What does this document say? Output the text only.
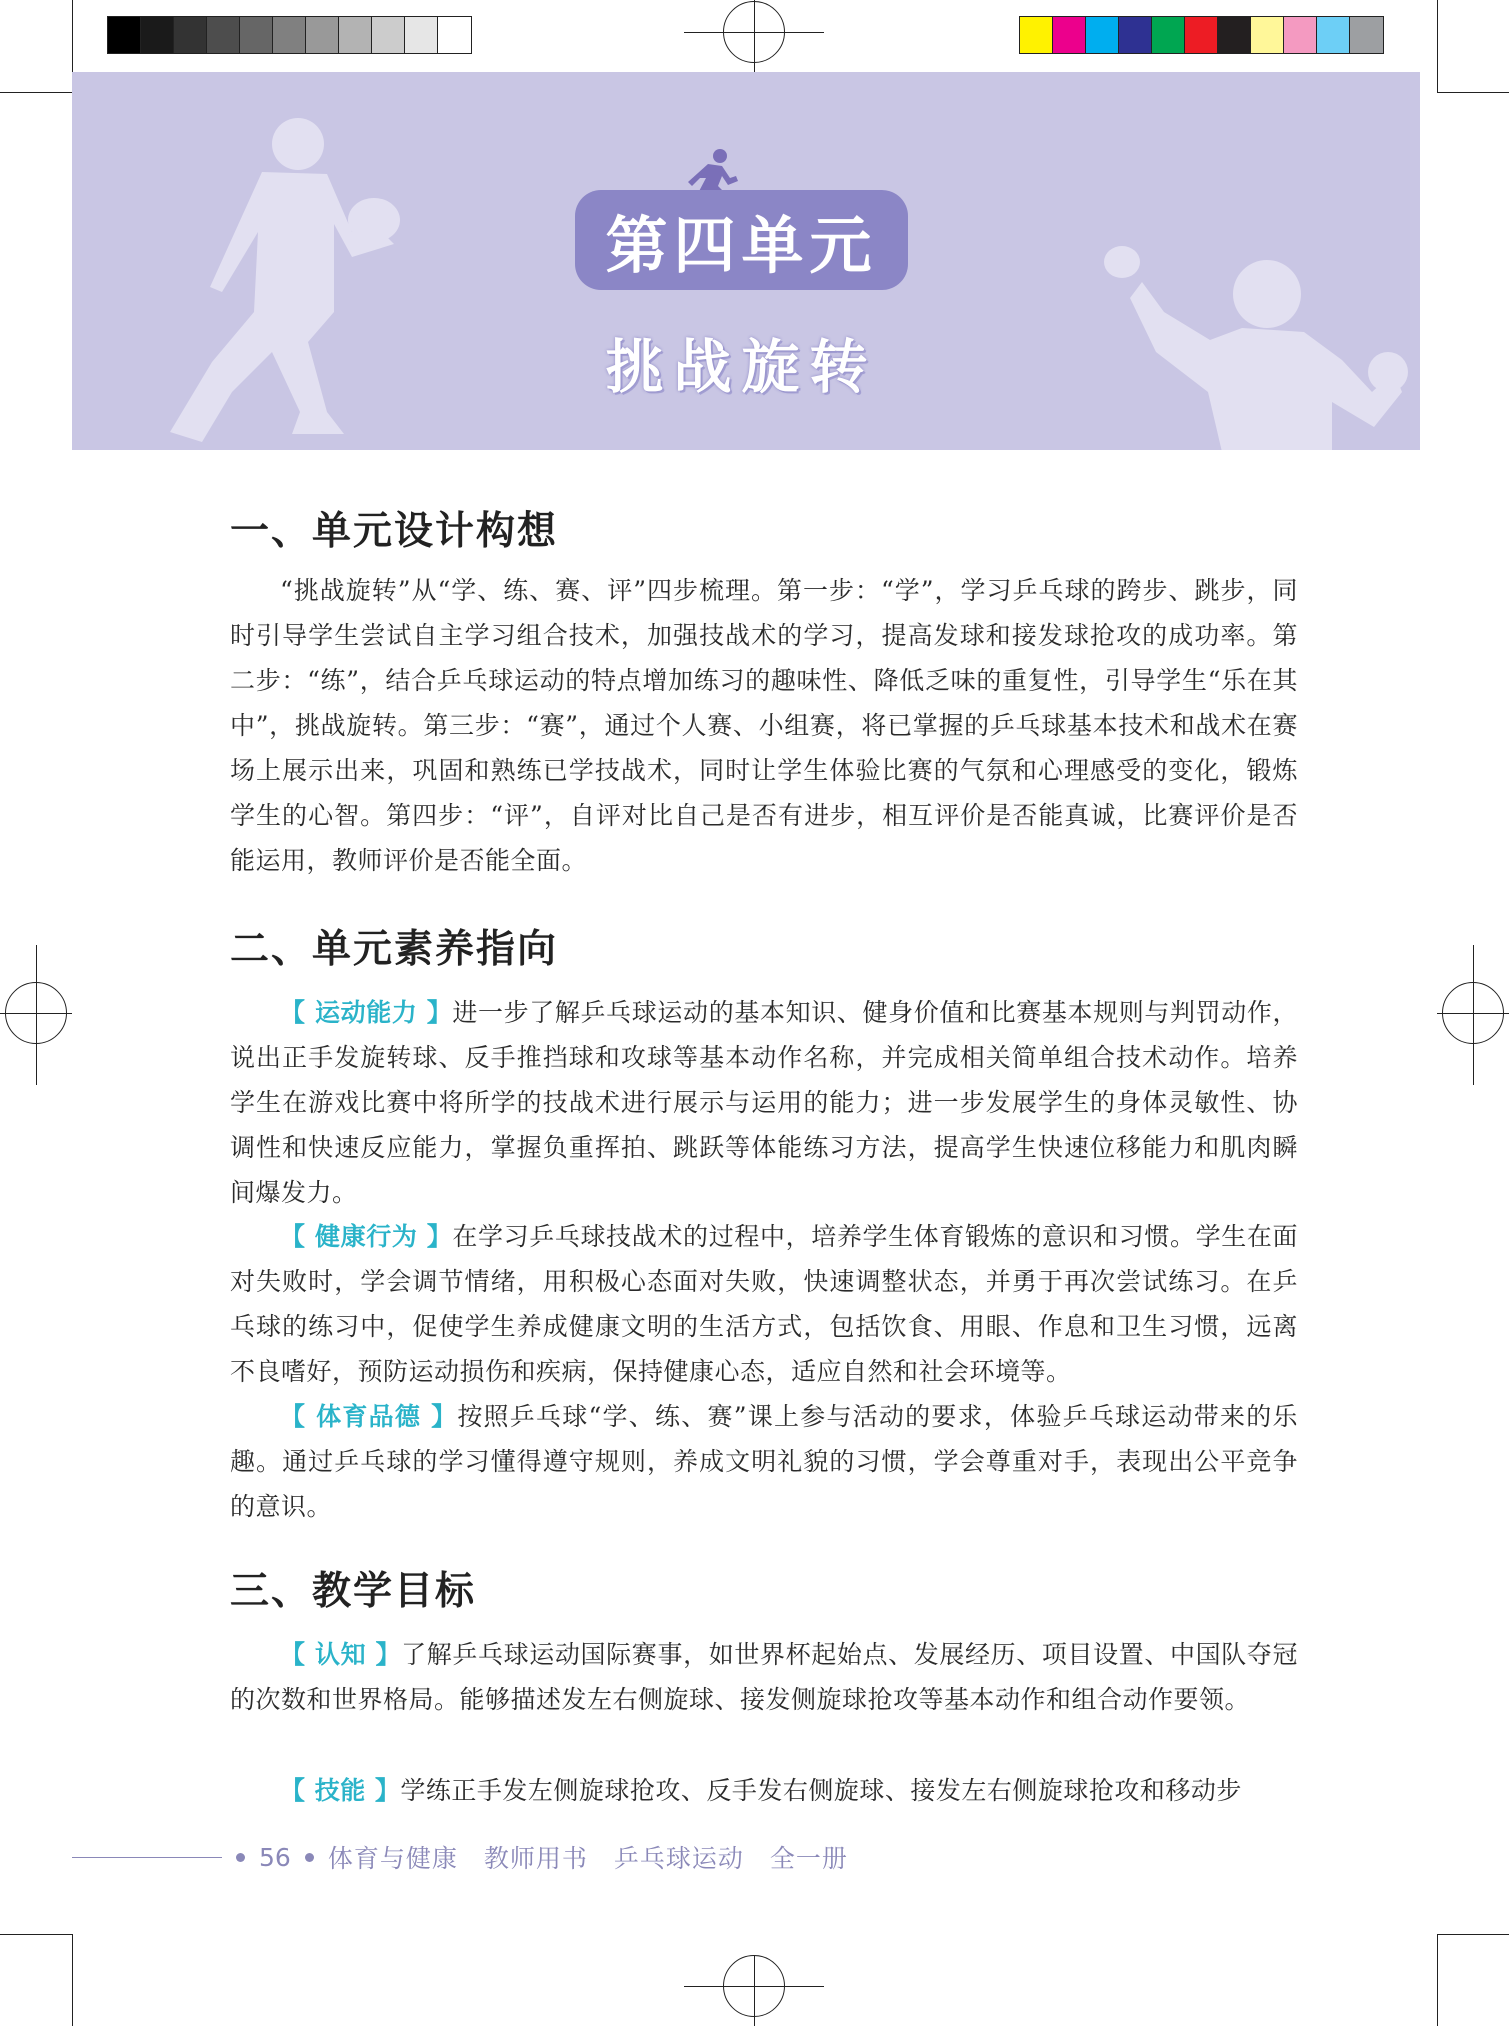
第四单元
挑战旋转
一、单元设计构想

“挑战旋转”从“学、练、赛、评”四步梳理。第一步：“学”，学习乒乓球的跨步、跳步，同时引导学生尝试自主学习组合技术，加强技战术的学习，提高发球和接发球抢攻的成功率。第二步：“练”，结合乒乓球运动的特点增加练习的趣味性、降低乏味的重复性，引导学生“乐在其中”，挑战旋转。第三步：“赛”，通过个人赛、小组赛，将已掌握的乒乓球基本技术和战术在赛场上展示出来，巩固和熟练已学技战术，同时让学生体验比赛的气氛和心理感受的变化，锻炼学生的心智。第四步：“评”，自评对比自己是否有进步，相互评价是否能真诚，比赛评价是否能运用，教师评价是否能全面。

二、单元素养指向

【 运动能力 】进一步了解乒乓球运动的基本知识、健身价值和比赛基本规则与判罚动作，说出正手发旋转球、反手推挡球和攻球等基本动作名称，并完成相关简单组合技术动作。培养学生在游戏比赛中将所学的技战术进行展示与运用的能力；进一步发展学生的身体灵敏性、协调性和快速反应能力，掌握负重挥拍、跳跃等体能练习方法，提高学生快速位移能力和肌肉瞬间爆发力。

【 健康行为 】在学习乒乓球技战术的过程中，培养学生体育锻炼的意识和习惯。学生在面对失败时，学会调节情绪，用积极心态面对失败，快速调整状态，并勇于再次尝试练习。在乒乓球的练习中，促使学生养成健康文明的生活方式，包括饮食、用眼、作息和卫生习惯，远离不良嗜好，预防运动损伤和疾病，保持健康心态，适应自然和社会环境等。

【 体育品德 】按照乒乓球“学、练、赛”课上参与活动的要求，体验乒乓球运动带来的乐趣。通过乒乓球的学习懂得遵守规则，养成文明礼貌的习惯，学会尊重对手，表现出公平竞争的意识。

三、教学目标

【 认知 】了解乒乓球运动国际赛事，如世界杯起始点、发展经历、项目设置、中国队夺冠的次数和世界格局。能够描述发左右侧旋球、接发侧旋球抢攻等基本动作和组合动作要领。

【 技能 】学练正手发左侧旋球抢攻、反手发右侧旋球、接发左右侧旋球抢攻和移动步

56 体育与健康　教师用书　乒乓球运动　全一册
